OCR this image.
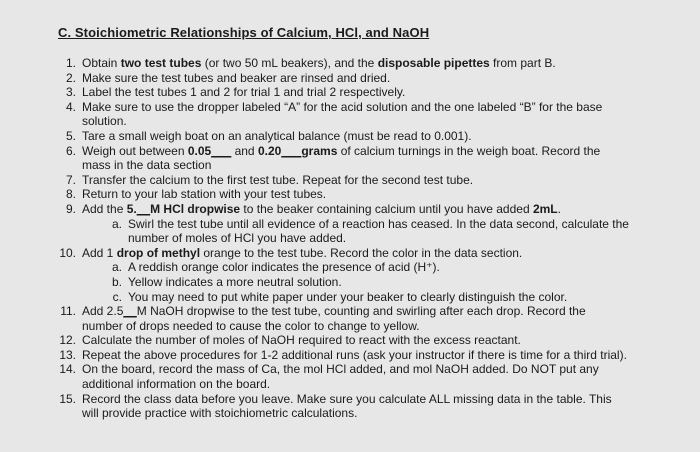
C. Stoichiometric Relationships of Calcium, HCl, and NaOH
1. Obtain two test tubes (or two 50 mL beakers), and the disposable pipettes from part B.
2. Make sure the test tubes and beaker are rinsed and dried.
3. Label the test tubes 1 and 2 for trial 1 and trial 2 respectively.
4. Make sure to use the dropper labeled “A” for the acid solution and the one labeled “B” for the base
solution.
5. Tare a small weigh boat on an analytical balance (must be read to 0.001).
6. Weigh out between 0.05___ and 0.20___grams of calcium turnings in the weigh boat. Record the
mass in the data section
7. Transfer the calcium to the first test tube. Repeat for the second test tube.
8. Return to your lab station with your test tubes.
9. Add the 5.__M HCl dropwise to the beaker containing calcium until you have added 2mL.
a. Swirl the test tube until all evidence of a reaction has ceased. In the data second, calculate the
number of moles of HCl you have added.
10. Add 1 drop of methyl orange to the test tube. Record the color in the data section.
a. A reddish orange color indicates the presence of acid (H⁺).
b. Yellow indicates a more neutral solution.
c. You may need to put white paper under your beaker to clearly distinguish the color.
11. Add 2.5__M NaOH dropwise to the test tube, counting and swirling after each drop. Record the
number of drops needed to cause the color to change to yellow.
12. Calculate the number of moles of NaOH required to react with the excess reactant.
13. Repeat the above procedures for 1-2 additional runs (ask your instructor if there is time for a third trial).
14. On the board, record the mass of Ca, the mol HCl added, and mol NaOH added. Do NOT put any
additional information on the board.
15. Record the class data before you leave. Make sure you calculate ALL missing data in the table. This
will provide practice with stoichiometric calculations.
